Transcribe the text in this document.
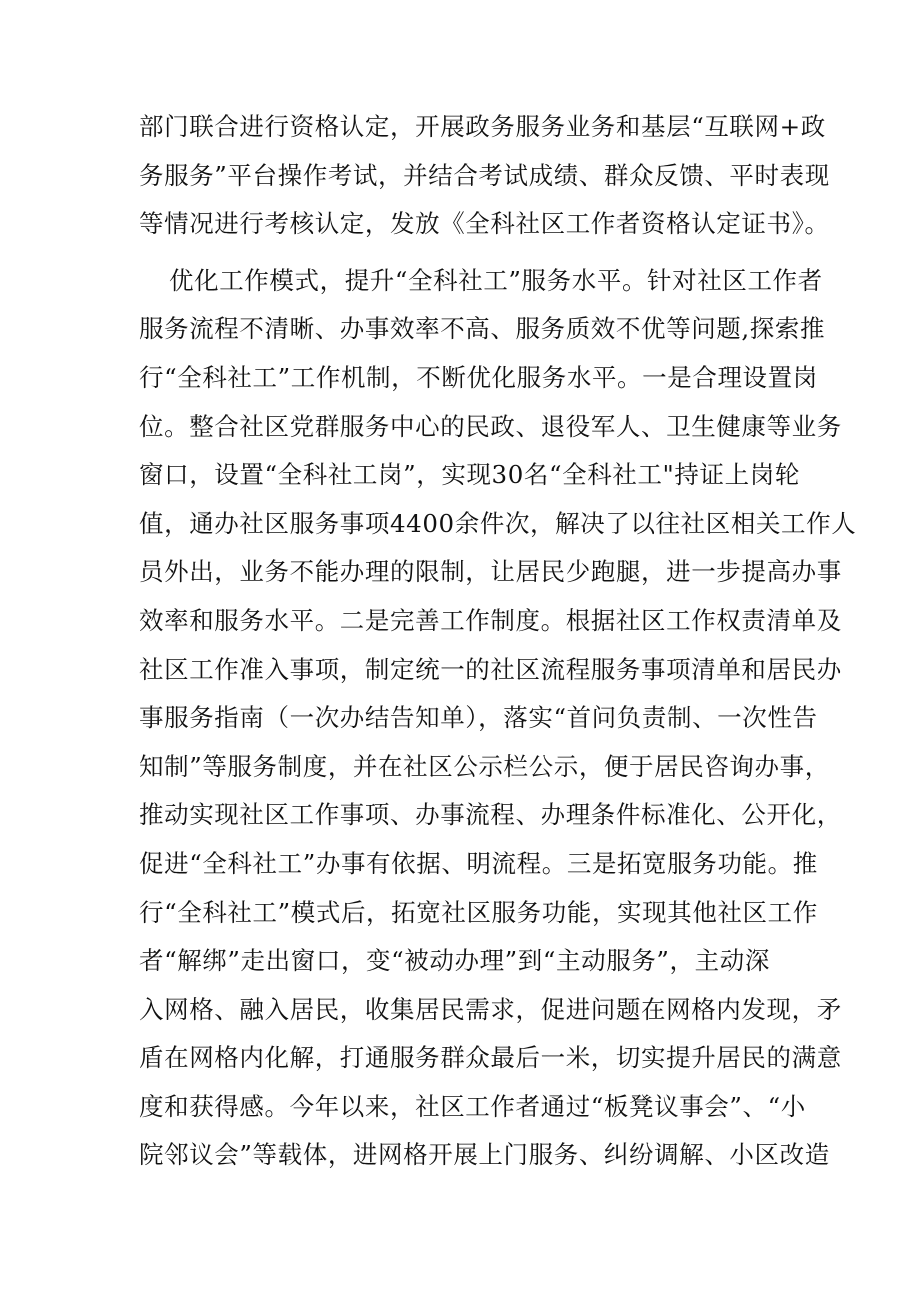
部门联合进行资格认定，开展政务服务业务和基层“互联网+政
务服务”平台操作考试，并结合考试成绩、群众反馈、平时表现
等情况进行考核认定，发放《全科社区工作者资格认定证书》。
优化工作模式，提升“全科社工”服务水平。针对社区工作者
服务流程不清晰、办事效率不高、服务质效不优等问题,探索推
行“全科社工”工作机制，不断优化服务水平。一是合理设置岗
位。整合社区党群服务中心的民政、退役军人、卫生健康等业务
窗口，设置“全科社工岗”，实现30名“全科社工"持证上岗轮
值，通办社区服务事项4400余件次，解决了以往社区相关工作人
员外出，业务不能办理的限制，让居民少跑腿，进一步提高办事
效率和服务水平。二是完善工作制度。根据社区工作权责清单及
社区工作准入事项，制定统一的社区流程服务事项清单和居民办
事服务指南（一次办结告知单），落实“首问负责制、一次性告
知制”等服务制度，并在社区公示栏公示，便于居民咨询办事，
推动实现社区工作事项、办事流程、办理条件标准化、公开化，
促进“全科社工”办事有依据、明流程。三是拓宽服务功能。推
行“全科社工”模式后，拓宽社区服务功能，实现其他社区工作
者“解绑”走出窗口，变“被动办理”到“主动服务”，主动深
入网格、融入居民，收集居民需求，促进问题在网格内发现，矛
盾在网格内化解，打通服务群众最后一米，切实提升居民的满意
度和获得感。今年以来，社区工作者通过“板凳议事会”、“小
院邻议会”等载体，进网格开展上门服务、纠纷调解、小区改造
